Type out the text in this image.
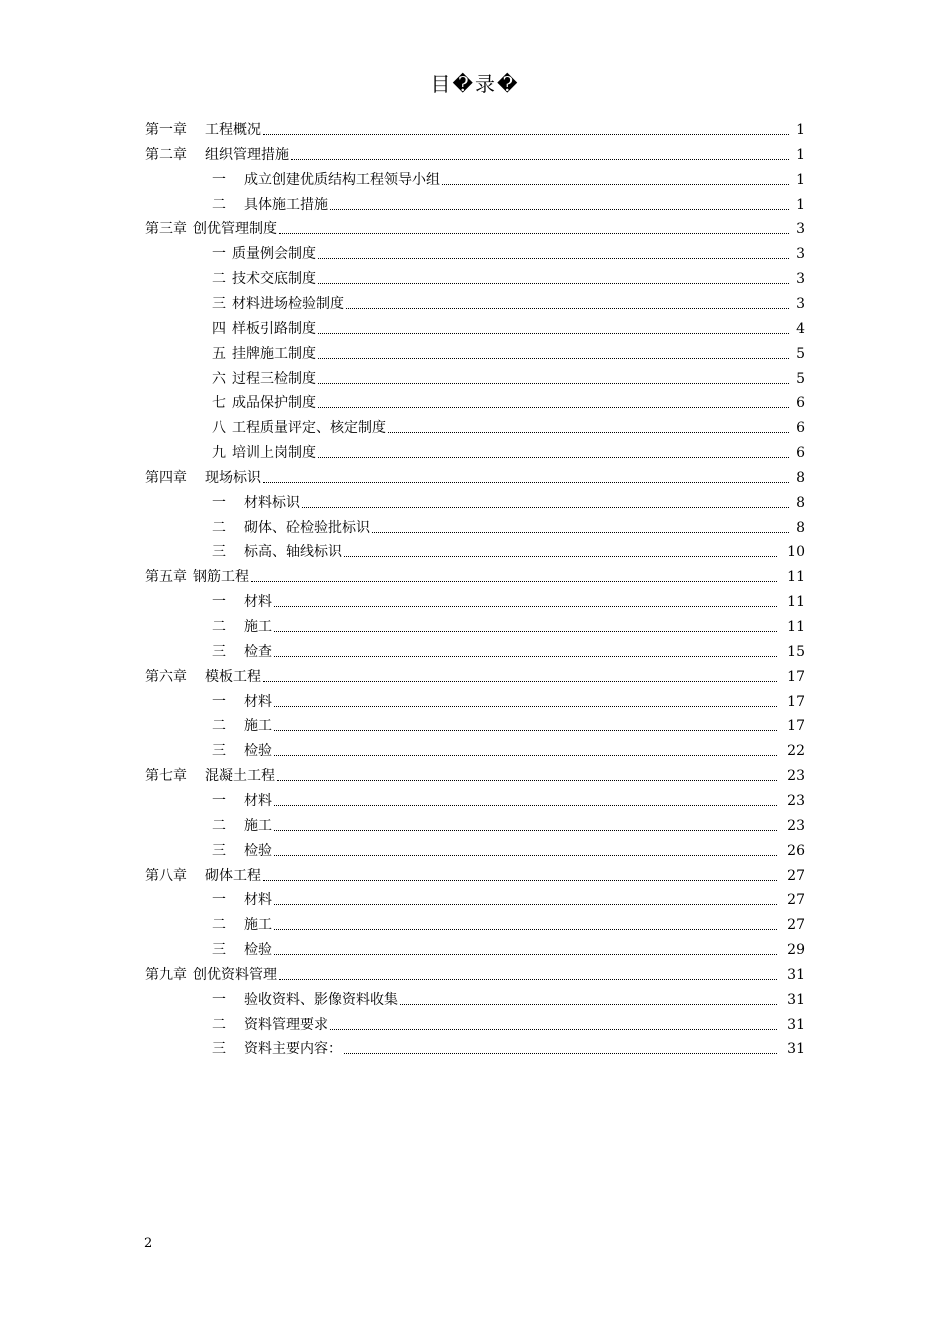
目�录�
第一章 工程概况	1
第二章 组织管理措施	1
一 成立创建优质结构工程领导小组	1
二 具体施工措施	1
第三章 创优管理制度	3
一 质量例会制度	3
二 技术交底制度	3
三 材料进场检验制度	3
四 样板引路制度	4
五 挂牌施工制度	5
六 过程三检制度	5
七 成品保护制度	6
八 工程质量评定、核定制度	6
九 培训上岗制度	6
第四章 现场标识	8
一 材料标识	8
二 砌体、砼检验批标识	8
三 标高、轴线标识	10
第五章 钢筋工程	11
一 材料	11
二 施工	11
三 检查	15
第六章 模板工程	17
一 材料	17
二 施工	17
三 检验	22
第七章 混凝土工程	23
一 材料	23
二 施工	23
三 检验	26
第八章 砌体工程	27
一 材料	27
二 施工	27
三 检验	29
第九章 创优资料管理	31
一 验收资料、影像资料收集	31
二 资料管理要求	31
三 资料主要内容：	31
2
